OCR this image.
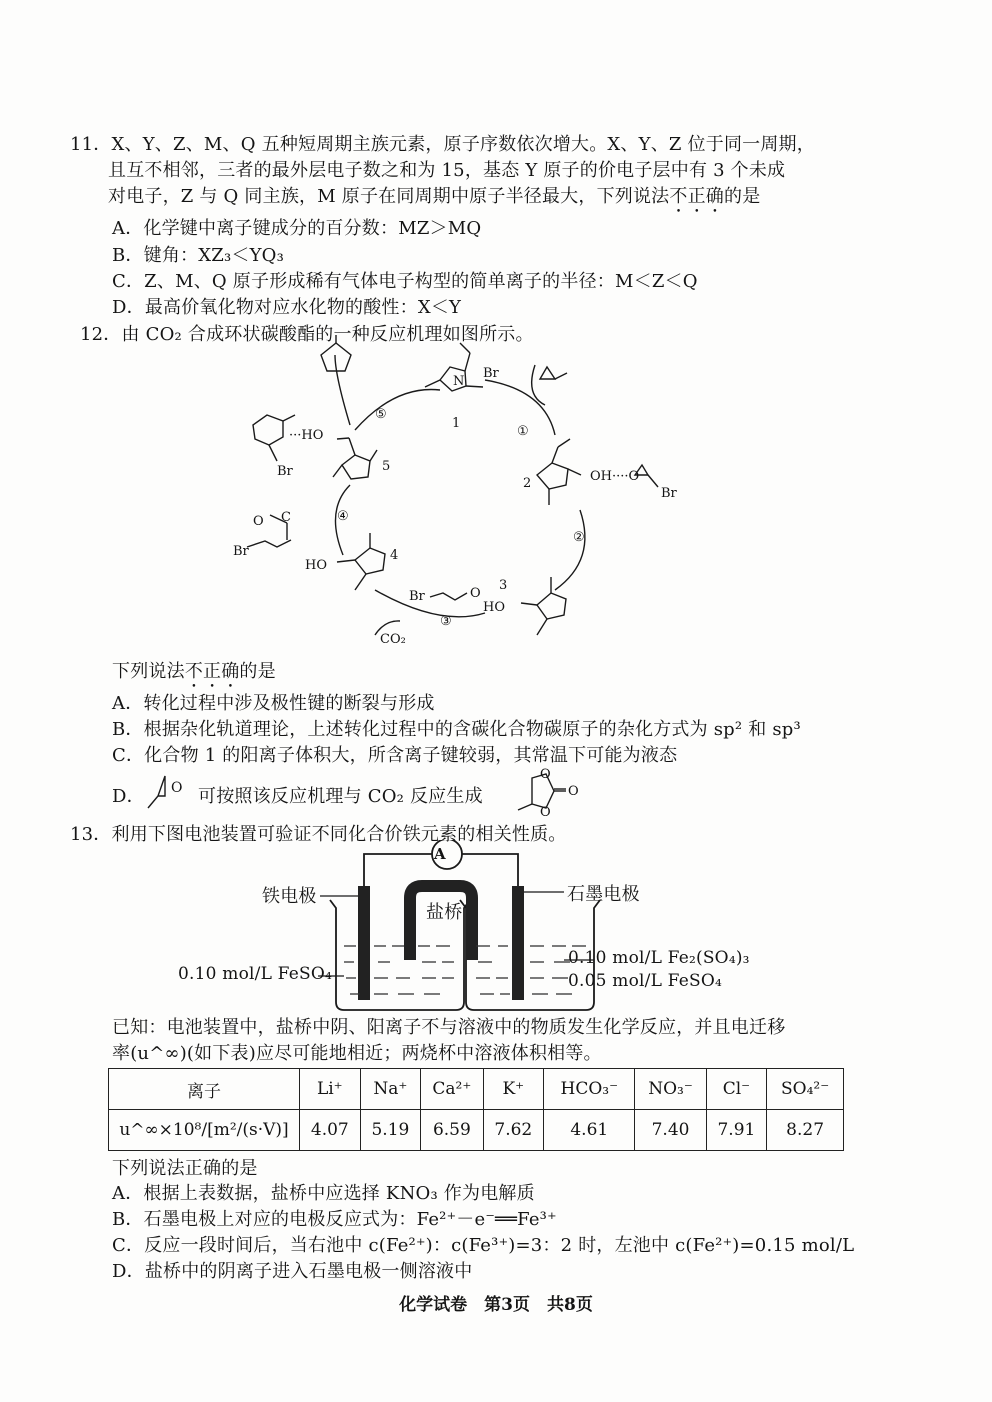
11．X、Y、Z、M、Q 五种短周期主族元素，原子序数依次增大。X、Y、Z 位于同一周期，
且互不相邻，三者的最外层电子数之和为 15，基态 Y 原子的价电子层中有 3 个未成
对电子，Z 与 Q 同主族，M 原子在同周期中原子半径最大，下列说法不正确的是
A．化学键中离子键成分的百分数：MZ＞MQ
B．键角：XZ₃＜YQ₃
C．Z、M、Q 原子形成稀有气体电子构型的简单离子的半径：M＜Z＜Q
D．最高价氧化物对应水化物的酸性：X＜Y
12．由 CO₂ 合成环状碳酸酯的一种反应机理如图所示。
N
Br
1
①
②
③
④
⑤
2
3
4
5
OH····O
Br
Br	O
HO
CO₂
Br
HO
O C
···HO
Br
下列说法不正确的是
A．转化过程中涉及极性键的断裂与形成
B．根据杂化轨道理论，上述转化过程中的含碳化合物碳原子的杂化方式为 sp² 和 sp³
C．化合物 1 的阳离子体积大，所含离子键较弱，其常温下可能为液态
D． O 可按照该反应机理与 CO₂ 反应生成
O
O
O
13．利用下图电池装置可验证不同化合价铁元素的相关性质。
A
铁电极	石墨电极
盐桥
0.10 mol/L FeSO₄
0.10 mol/L Fe₂(SO₄)₃
0.05 mol/L FeSO₄
已知：电池装置中，盐桥中阴、阳离子不与溶液中的物质发生化学反应，并且电迁移
率(u^∞)(如下表)应尽可能地相近；两烧杯中溶液体积相等。
离子	Li⁺	Na⁺	Ca²⁺	K⁺	HCO₃⁻	NO₃⁻	Cl⁻	SO₄²⁻
u^∞×10⁸/[m²/(s·V)]	4.07	5.19	6.59	7.62	4.61	7.40	7.91	8.27
下列说法正确的是
A．根据上表数据，盐桥中应选择 KNO₃ 作为电解质
B．石墨电极上对应的电极反应式为：Fe²⁺－e⁻══Fe³⁺
C．反应一段时间后，当右池中 c(Fe²⁺)：c(Fe³⁺)=3：2 时，左池中 c(Fe²⁺)=0.15 mol/L
D．盐桥中的阴离子进入石墨电极一侧溶液中
化学试卷　第3页　共8页
